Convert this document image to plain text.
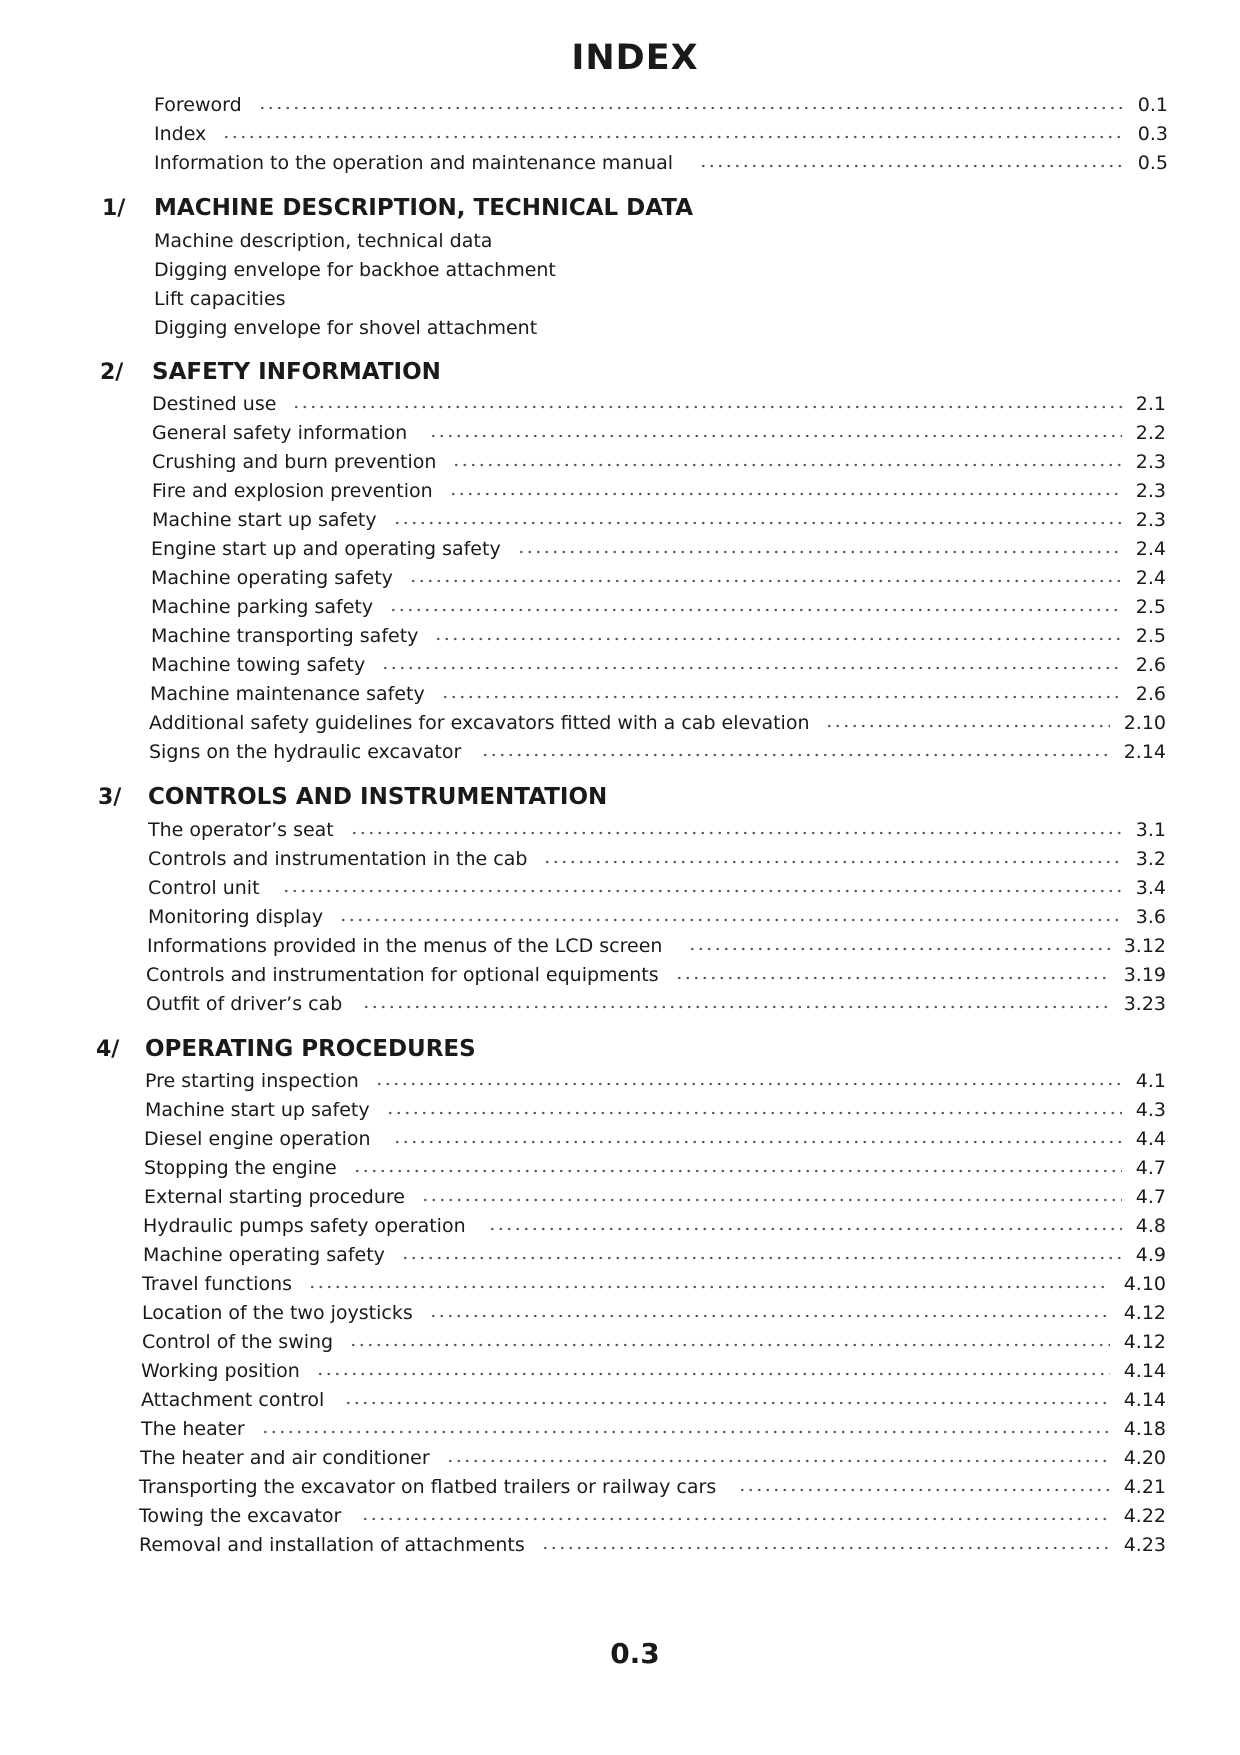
INDEX
Foreword	0.1
Index	0.3
Information to the operation and maintenance manual	0.5
1/ MACHINE DESCRIPTION, TECHNICAL DATA
Machine description, technical data
Digging envelope for backhoe attachment
Lift capacities
Digging envelope for shovel attachment
2/ SAFETY INFORMATION
Destined use	2.1
General safety information	2.2
Crushing and burn prevention	2.3
Fire and explosion prevention	2.3
Machine start up safety	2.3
Engine start up and operating safety	2.4
Machine operating safety	2.4
Machine parking safety	2.5
Machine transporting safety	2.5
Machine towing safety	2.6
Machine maintenance safety	2.6
Additional safety guidelines for excavators fitted with a cab elevation	2.10
Signs on the hydraulic excavator	2.14
3/ CONTROLS AND INSTRUMENTATION
The operator’s seat	3.1
Controls and instrumentation in the cab	3.2
Control unit	3.4
Monitoring display	3.6
Informations provided in the menus of the LCD screen	3.12
Controls and instrumentation for optional equipments	3.19
Outfit of driver’s cab	3.23
4/ OPERATING PROCEDURES
Pre starting inspection	4.1
Machine start up safety	4.3
Diesel engine operation	4.4
Stopping the engine	4.7
External starting procedure	4.7
Hydraulic pumps safety operation	4.8
Machine operating safety	4.9
Travel functions	4.10
Location of the two joysticks	4.12
Control of the swing	4.12
Working position	4.14
Attachment control	4.14
The heater	4.18
The heater and air conditioner	4.20
Transporting the excavator on flatbed trailers or railway cars	4.21
Towing the excavator	4.22
Removal and installation of attachments	4.23
0.3
